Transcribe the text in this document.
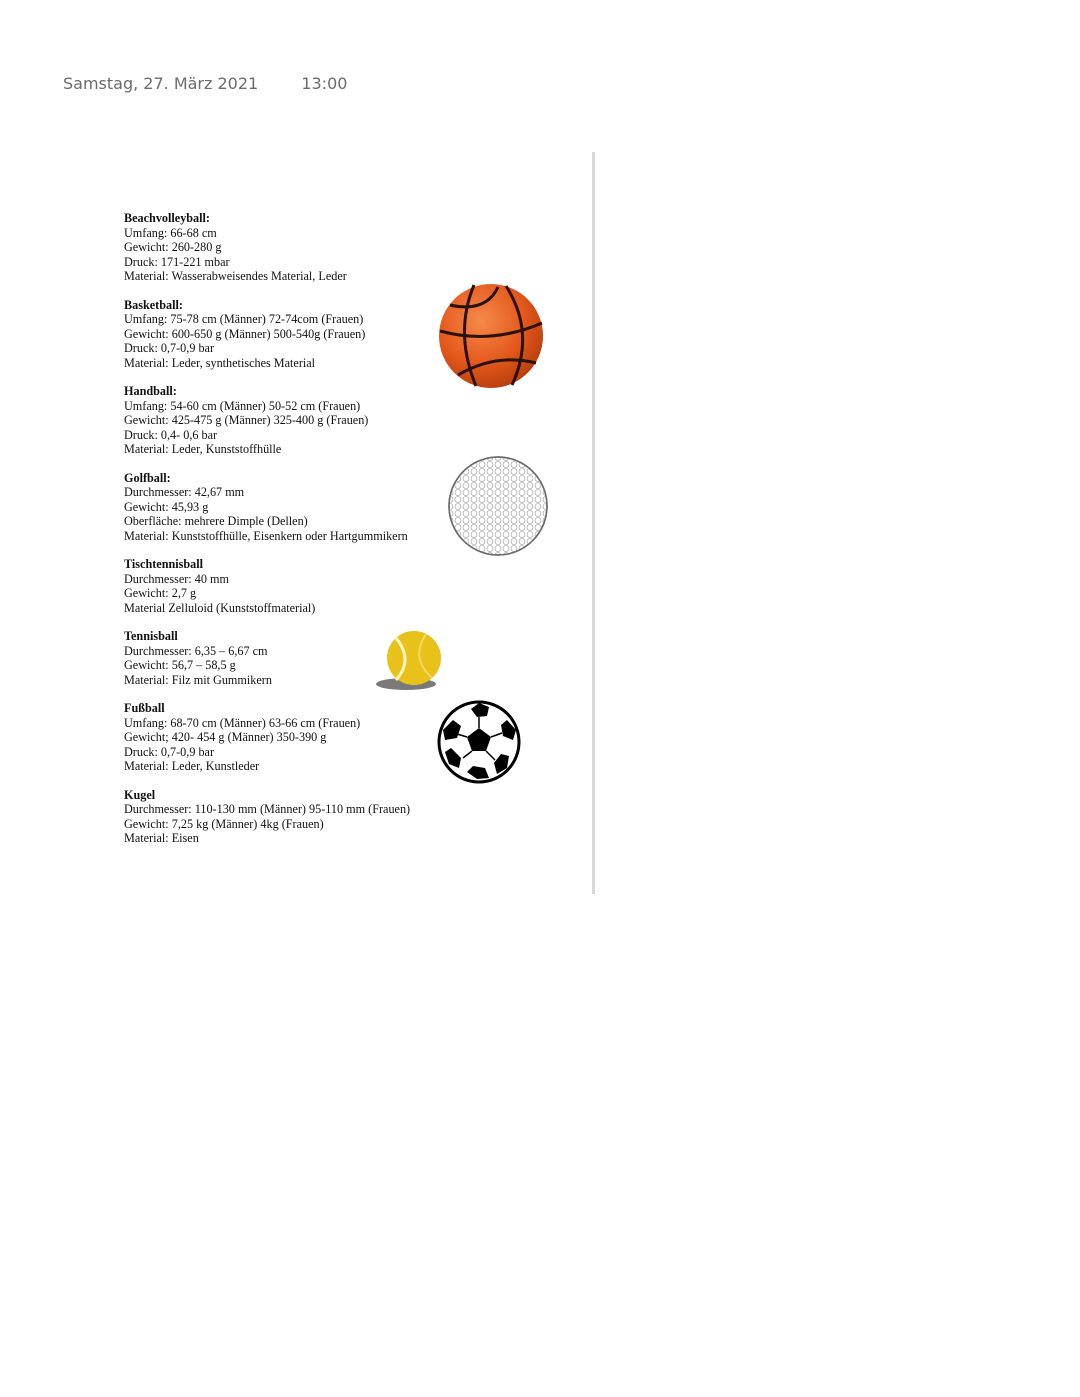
Samstag, 27. März 2021	13:00
Beachvolleyball:
Umfang: 66-68 cm
Gewicht: 260-280 g
Druck: 171-221 mbar
Material: Wasserabweisendes Material, Leder
Basketball:
Umfang: 75-78 cm (Männer) 72-74com (Frauen)
Gewicht: 600-650 g (Männer) 500-540g (Frauen)
Druck: 0,7-0,9 bar
Material: Leder, synthetisches Material
Handball:
Umfang: 54-60 cm (Männer) 50-52 cm (Frauen)
Gewicht: 425-475 g (Männer) 325-400 g (Frauen)
Druck: 0,4- 0,6 bar
Material: Leder, Kunststoffhülle
Golfball:
Durchmesser: 42,67 mm
Gewicht: 45,93 g
Oberfläche: mehrere Dimple (Dellen)
Material: Kunststoffhülle, Eisenkern oder Hartgummikern
Tischtennisball
Durchmesser: 40 mm
Gewicht: 2,7 g
Material Zelluloid (Kunststoffmaterial)
Tennisball
Durchmesser: 6,35 – 6,67 cm
Gewicht: 56,7 – 58,5 g
Material: Filz mit Gummikern
Fußball
Umfang: 68-70 cm (Männer) 63-66 cm (Frauen)
Gewicht; 420- 454 g (Männer) 350-390 g
Druck: 0,7-0,9 bar
Material: Leder, Kunstleder
Kugel
Durchmesser: 110-130 mm (Männer) 95-110 mm (Frauen)
Gewicht: 7,25 kg (Männer) 4kg (Frauen)
Material: Eisen
